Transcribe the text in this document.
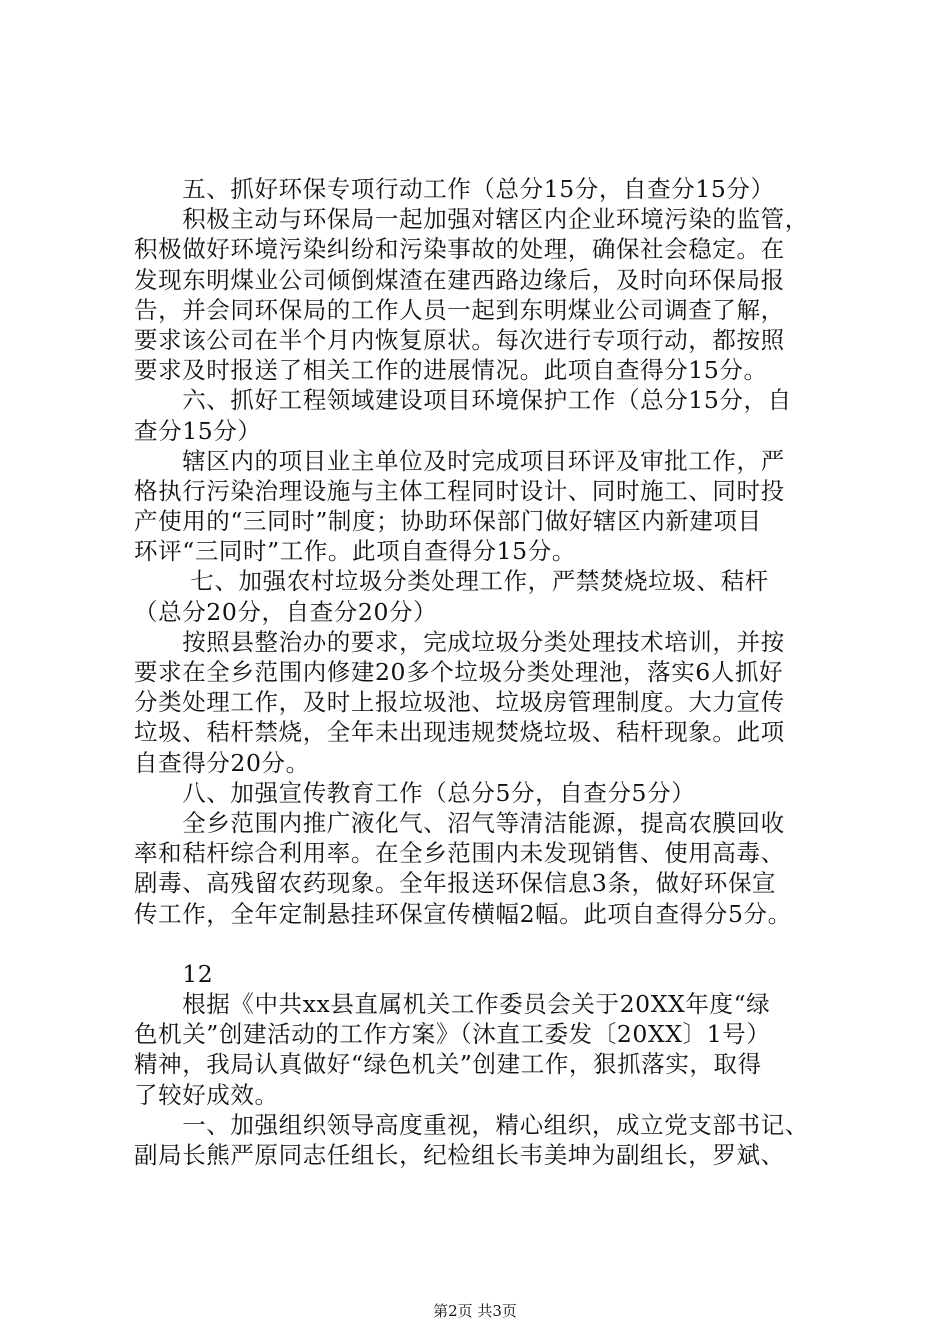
　　五、抓好环保专项行动工作（总分15分，自查分15分）
　　积极主动与环保局一起加强对辖区内企业环境污染的监管，
积极做好环境污染纠纷和污染事故的处理，确保社会稳定。在
发现东明煤业公司倾倒煤渣在建西路边缘后，及时向环保局报
告，并会同环保局的工作人员一起到东明煤业公司调查了解，
要求该公司在半个月内恢复原状。每次进行专项行动，都按照
要求及时报送了相关工作的进展情况。此项自查得分15分。
　　六、抓好工程领域建设项目环境保护工作（总分15分，自
查分15分）
　　辖区内的项目业主单位及时完成项目环评及审批工作，严
格执行污染治理设施与主体工程同时设计、同时施工、同时投
产使用的“三同时”制度；协助环保部门做好辖区内新建项目
环评“三同时”工作。此项自查得分15分。
　　 七、加强农村垃圾分类处理工作，严禁焚烧垃圾、秸杆
（总分20分，自查分20分）
　　按照县整治办的要求，完成垃圾分类处理技术培训，并按
要求在全乡范围内修建20多个垃圾分类处理池，落实6人抓好
分类处理工作，及时上报垃圾池、垃圾房管理制度。大力宣传
垃圾、秸杆禁烧，全年未出现违规焚烧垃圾、秸杆现象。此项
自查得分20分。
　　八、加强宣传教育工作（总分5分，自查分5分）
　　全乡范围内推广液化气、沼气等清洁能源，提高农膜回收
率和秸杆综合利用率。在全乡范围内未发现销售、使用高毒、
剧毒、高残留农药现象。全年报送环保信息3条，做好环保宣
传工作，全年定制悬挂环保宣传横幅2幅。此项自查得分5分。
　　12
　　根据《中共xx县直属机关工作委员会关于20XX年度“绿
色机关”创建活动的工作方案》（沐直工委发〔20XX〕1号）
精神，我局认真做好“绿色机关”创建工作，狠抓落实，取得
了较好成效。
　　一、加强组织领导高度重视，精心组织，成立党支部书记、
副局长熊严原同志任组长，纪检组长韦美坤为副组长，罗斌、
第2页 共3页
